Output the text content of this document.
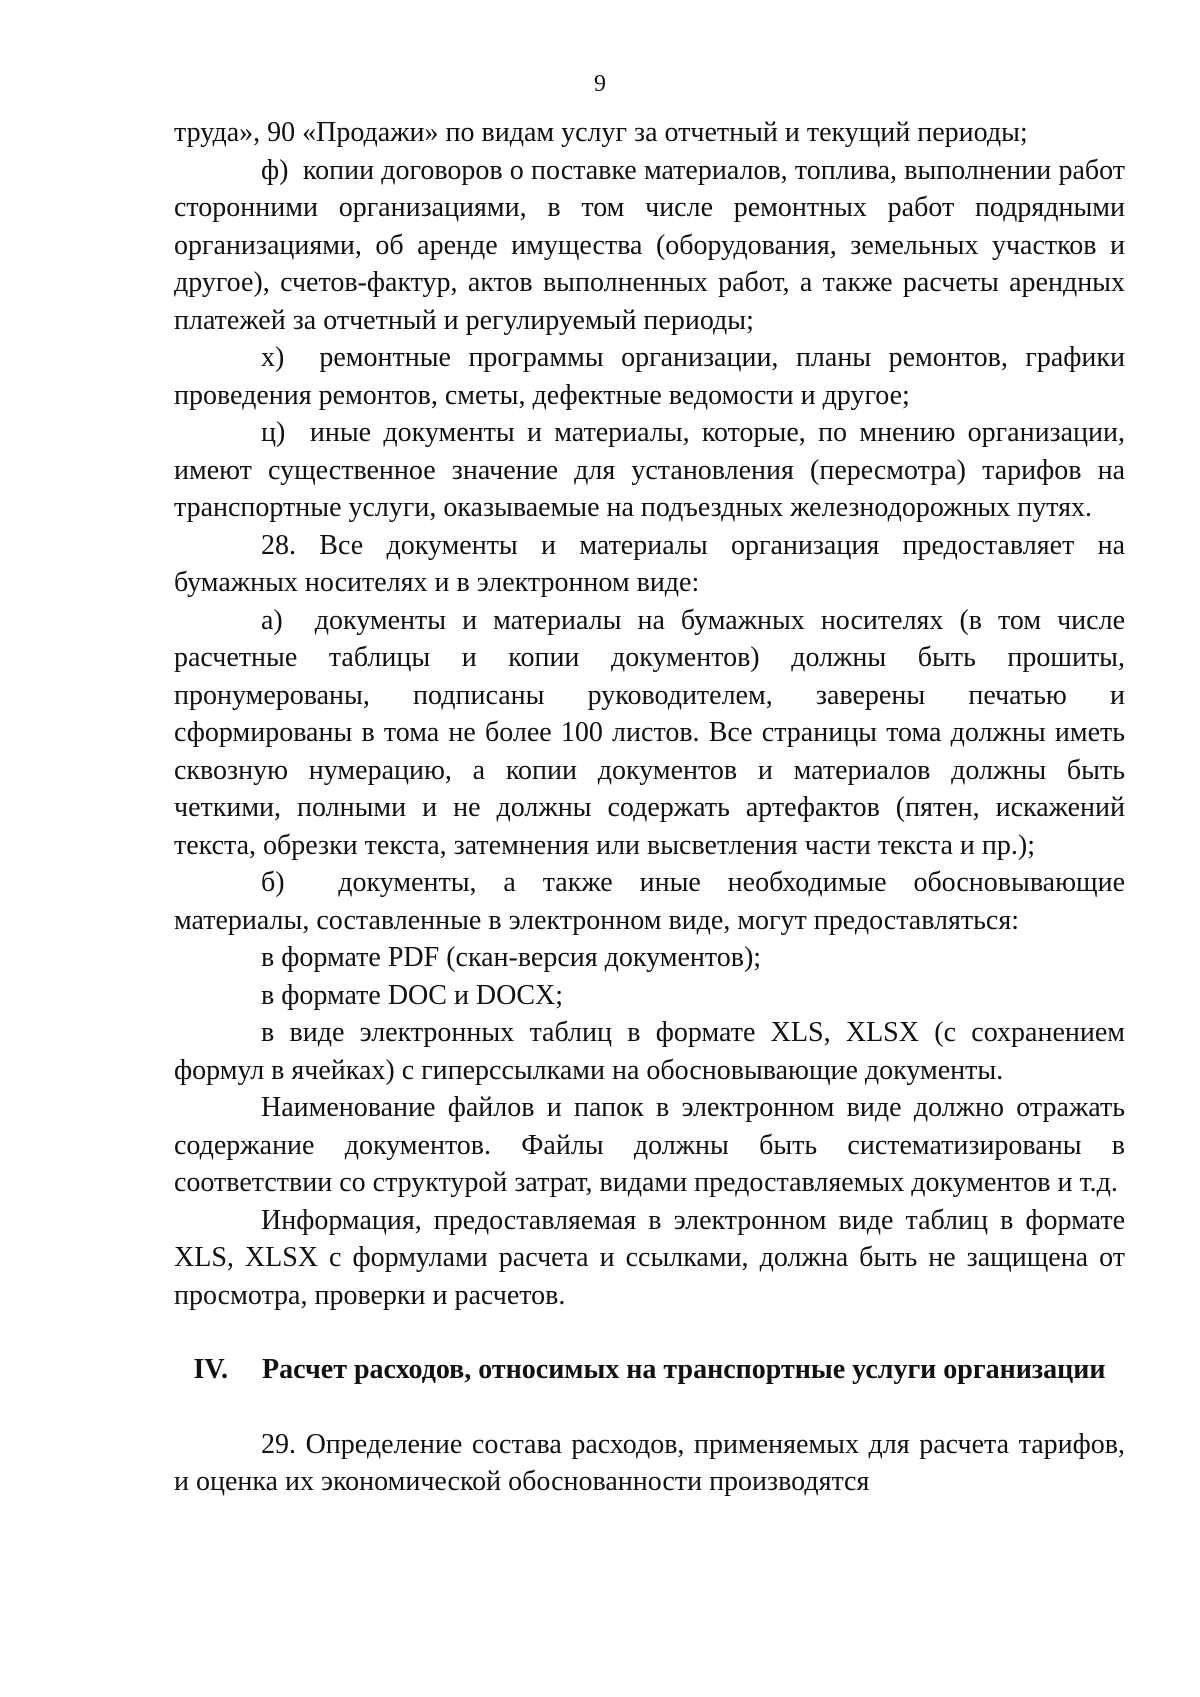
9

труда», 90 «Продажи» по видам услуг за отчетный и текущий периоды;

ф)  копии договоров о поставке материалов, топлива, выполнении работ сторонними организациями, в том числе ремонтных работ подрядными организациями, об аренде имущества (оборудования, земельных участков и другое), счетов-фактур, актов выполненных работ, а также расчеты арендных платежей за отчетный и регулируемый периоды;

х)  ремонтные программы организации, планы ремонтов, графики проведения ремонтов, сметы, дефектные ведомости и другое;

ц)  иные документы и материалы, которые, по мнению организации, имеют существенное значение для установления (пересмотра) тарифов на транспортные услуги, оказываемые на подъездных железнодорожных путях.

28. Все документы и материалы организация предоставляет на бумажных носителях и в электронном виде:

а)  документы и материалы на бумажных носителях (в том числе расчетные таблицы и копии документов) должны быть прошиты, пронумерованы, подписаны руководителем, заверены печатью и сформированы в тома не более 100 листов. Все страницы тома должны иметь сквозную нумерацию, а копии документов и материалов должны быть четкими, полными и не должны содержать артефактов (пятен, искажений текста, обрезки текста, затемнения или высветления части текста и пр.);

б)  документы, а также иные необходимые обосновывающие материалы, составленные в электронном виде, могут предоставляться:

в формате PDF (скан-версия документов);

в формате DOC и DOCX;

в виде электронных таблиц в формате XLS, XLSX (с сохранением формул в ячейках) с гиперссылками на обосновывающие документы.

Наименование файлов и папок в электронном виде должно отражать содержание документов. Файлы должны быть систематизированы в соответствии со структурой затрат, видами предоставляемых документов и т.д.

Информация, предоставляемая в электронном виде таблиц в формате XLS, XLSX с формулами расчета и ссылками, должна быть не защищена от просмотра, проверки и расчетов.

IV. Расчет расходов, относимых на транспортные услуги организации

29. Определение состава расходов, применяемых для расчета тарифов, и оценка их экономической обоснованности производятся
